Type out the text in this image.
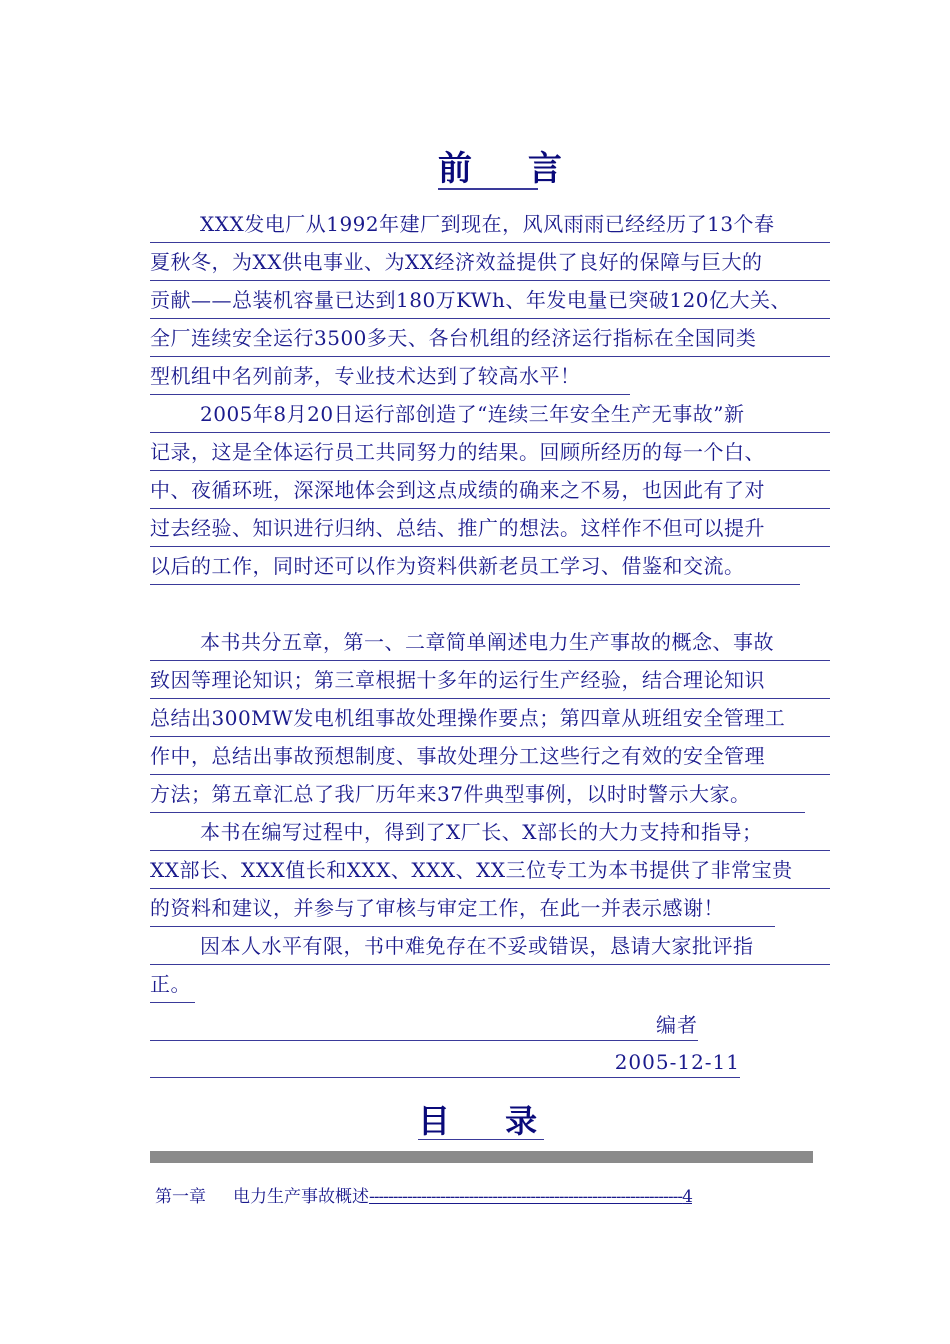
前 言
XXX发电厂从1992年建厂到现在，风风雨雨已经经历了13个春
夏秋冬，为XX供电事业、为XX经济效益提供了良好的保障与巨大的
贡献——总装机容量已达到180万KWh、年发电量已突破120亿大关、
全厂连续安全运行3500多天、各台机组的经济运行指标在全国同类
型机组中名列前茅，专业技术达到了较高水平！
2005年8月20日运行部创造了“连续三年安全生产无事故”新
记录，这是全体运行员工共同努力的结果。回顾所经历的每一个白、
中、夜循环班，深深地体会到这点成绩的确来之不易，也因此有了对
过去经验、知识进行归纳、总结、推广的想法。这样作不但可以提升
以后的工作，同时还可以作为资料供新老员工学习、借鉴和交流。
本书共分五章，第一、二章简单阐述电力生产事故的概念、事故
致因等理论知识；第三章根据十多年的运行生产经验，结合理论知识
总结出300MW发电机组事故处理操作要点；第四章从班组安全管理工
作中，总结出事故预想制度、事故处理分工这些行之有效的安全管理
方法；第五章汇总了我厂历年来37件典型事例，以时时警示大家。
本书在编写过程中，得到了X厂长、X部长的大力支持和指导；
XX部长、XXX值长和XXX、XXX、XX三位专工为本书提供了非常宝贵
的资料和建议，并参与了审核与审定工作，在此一并表示感谢！
因本人水平有限，书中难免存在不妥或错误，恳请大家批评指
正。
编者
2005-12-11
目 录
第一章 电力生产事故概述------------------------------------------------------------------4
